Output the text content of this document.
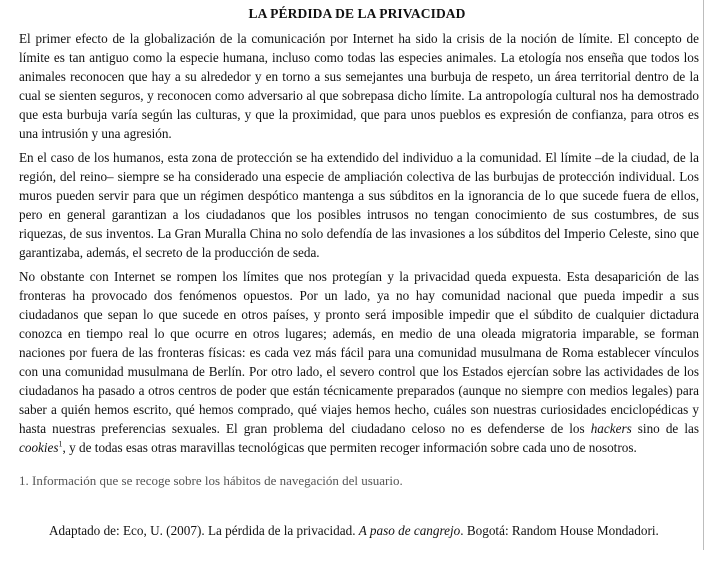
LA PÉRDIDA DE LA PRIVACIDAD

El primer efecto de la globalización de la comunicación por Internet ha sido la crisis de la noción de límite. El concepto de límite es tan antiguo como la especie humana, incluso como todas las especies animales. La etología nos enseña que todos los animales reconocen que hay a su alrededor y en torno a sus semejantes una burbuja de respeto, un área territorial dentro de la cual se sienten seguros, y reconocen como adversario al que sobrepasa dicho límite. La antropología cultural nos ha demostrado que esta burbuja varía según las culturas, y que la proximidad, que para unos pueblos es expresión de confianza, para otros es una intrusión y una agresión.

En el caso de los humanos, esta zona de protección se ha extendido del individuo a la comunidad. El límite –de la ciudad, de la región, del reino– siempre se ha considerado una especie de ampliación colectiva de las burbujas de protección individual. Los muros pueden servir para que un régimen despótico mantenga a sus súbditos en la ignorancia de lo que sucede fuera de ellos, pero en general garantizan a los ciudadanos que los posibles intrusos no tengan conocimiento de sus costumbres, de sus riquezas, de sus inventos. La Gran Muralla China no solo defendía de las invasiones a los súbditos del Imperio Celeste, sino que garantizaba, además, el secreto de la producción de seda.

No obstante con Internet se rompen los límites que nos protegían y la privacidad queda expuesta. Esta desaparición de las fronteras ha provocado dos fenómenos opuestos. Por un lado, ya no hay comunidad nacional que pueda impedir a sus ciudadanos que sepan lo que sucede en otros países, y pronto será imposible impedir que el súbdito de cualquier dictadura conozca en tiempo real lo que ocurre en otros lugares; además, en medio de una oleada migratoria imparable, se forman naciones por fuera de las fronteras físicas: es cada vez más fácil para una comunidad musulmana de Roma establecer vínculos con una comunidad musulmana de Berlín. Por otro lado, el severo control que los Estados ejercían sobre las actividades de los ciudadanos ha pasado a otros centros de poder que están técnicamente preparados (aunque no siempre con medios legales) para saber a quién hemos escrito, qué hemos comprado, qué viajes hemos hecho, cuáles son nuestras curiosidades enciclopédicas y hasta nuestras preferencias sexuales. El gran problema del ciudadano celoso no es defenderse de los hackers sino de las cookies$^1$, y de todas esas otras maravillas tecnológicas que permiten recoger información sobre cada uno de nosotros.

1. Información que se recoge sobre los hábitos de navegación del usuario.
Adaptado de: Eco, U. (2007). La pérdida de la privacidad. A paso de cangrejo. Bogotá: Random House Mondadori.
